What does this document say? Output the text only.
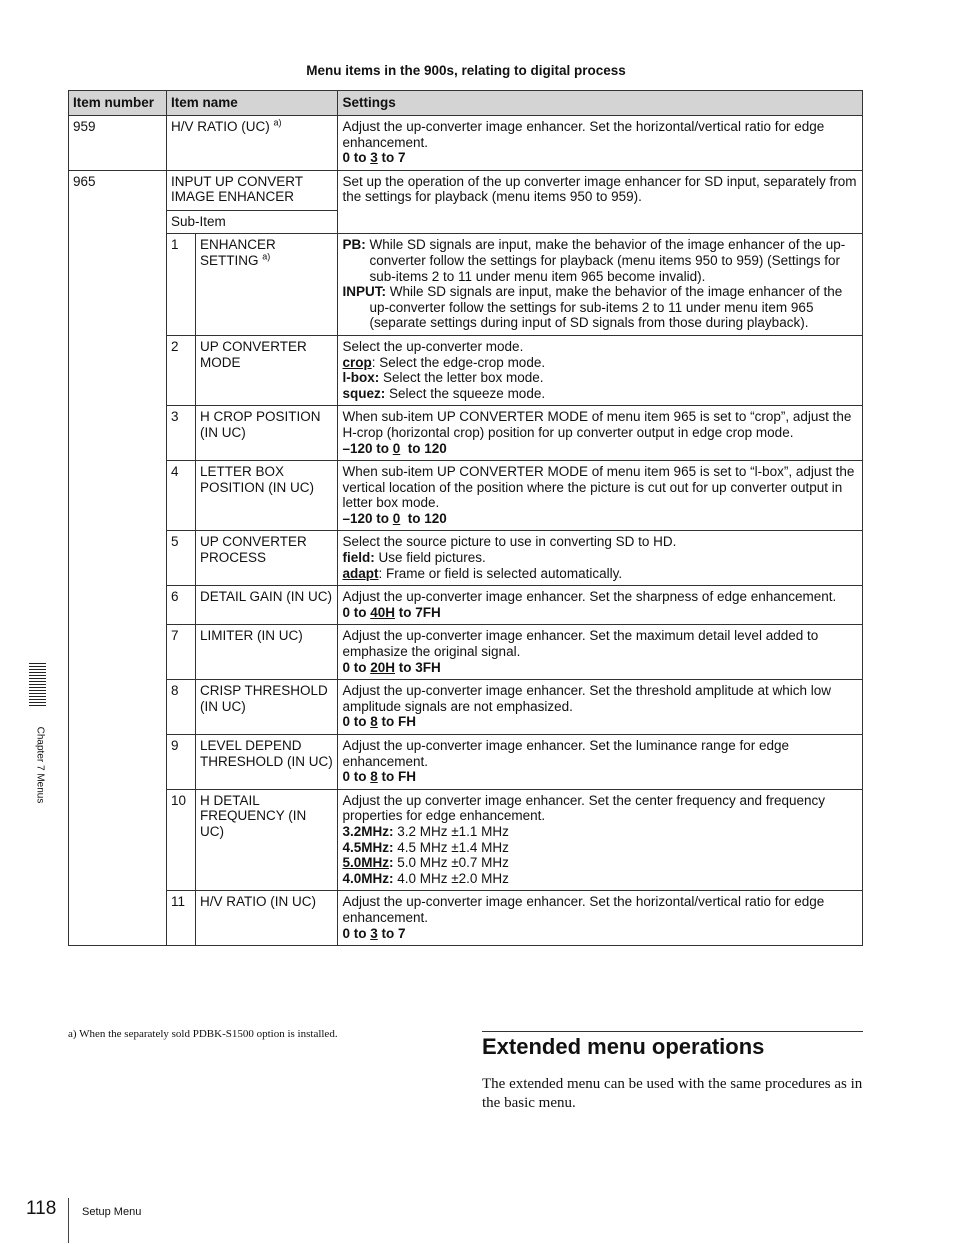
Menu items in the 900s, relating to digital process
Item number	Item name		Settings
959	H/V RATIO (UC) $^{a)}$		Adjust the up-converter image enhancer. Set the horizontal/vertical ratio for edge enhancement.
0 to 3 to 7

965	INPUT UP CONVERT IMAGE ENHANCER		Set up the operation of the up converter image enhancer for SD input, separately from the settings for playback (menu items 950 to 959).
	Sub-Item		
	1	ENHANCER SETTING $^{a)}$	PB: While SD signals are input, make the behavior of the image enhancer of the up-converter follow the settings for playback (menu items 950 to 959) (Settings for sub-items 2 to 11 under menu item 965 become invalid).
INPUT: While SD signals are input, make the behavior of the image enhancer of the up-converter follow the settings for sub-items 2 to 11 under menu item 965 (separate settings during input of SD signals from those during playback).

	2	UP CONVERTER MODE	Select the up-converter mode.
crop: Select the edge-crop mode.
l-box: Select the letter box mode.
squez: Select the squeeze mode.

	3	H CROP POSITION (IN UC)	When sub-item UP CONVERTER MODE of menu item 965 is set to “crop”, adjust the H-crop (horizontal crop) position for up converter output in edge crop mode.
–120 to 0  to 120

	4	LETTER BOX POSITION (IN UC)	When sub-item UP CONVERTER MODE of menu item 965 is set to “l-box”, adjust the vertical location of the position where the picture is cut out for up converter output in letter box mode.
–120 to 0  to 120

	5	UP CONVERTER PROCESS	Select the source picture to use in converting SD to HD.
field: Use field pictures.
adapt: Frame or field is selected automatically.

	6	DETAIL GAIN (IN UC)	Adjust the up-converter image enhancer. Set the sharpness of edge enhancement.
0 to 40H to 7FH

	7	LIMITER (IN UC)	Adjust the up-converter image enhancer. Set the maximum detail level added to emphasize the original signal.
0 to 20H to 3FH

	8	CRISP THRESHOLD (IN UC)	Adjust the up-converter image enhancer. Set the threshold amplitude at which low amplitude signals are not emphasized.
0 to 8 to FH

	9	LEVEL DEPEND THRESHOLD (IN UC)	Adjust the up-converter image enhancer. Set the luminance range for edge enhancement.
0 to 8 to FH

	10	H DETAIL FREQUENCY (IN UC)	Adjust the up converter image enhancer. Set the center frequency and frequency properties for edge enhancement.
3.2MHz: 3.2 MHz ±1.1 MHz
4.5MHz: 4.5 MHz ±1.4 MHz
5.0MHz: 5.0 MHz ±0.7 MHz
4.0MHz: 4.0 MHz ±2.0 MHz

	11	H/V RATIO (IN UC)	Adjust the up-converter image enhancer. Set the horizontal/vertical ratio for edge enhancement.
0 to 3 to 7
a) When the separately sold PDBK-S1500 option is installed.	Extended menu operations
The extended menu can be used with the same procedures as in the basic menu.
Chapter 7 Menus
118 Setup Menu
